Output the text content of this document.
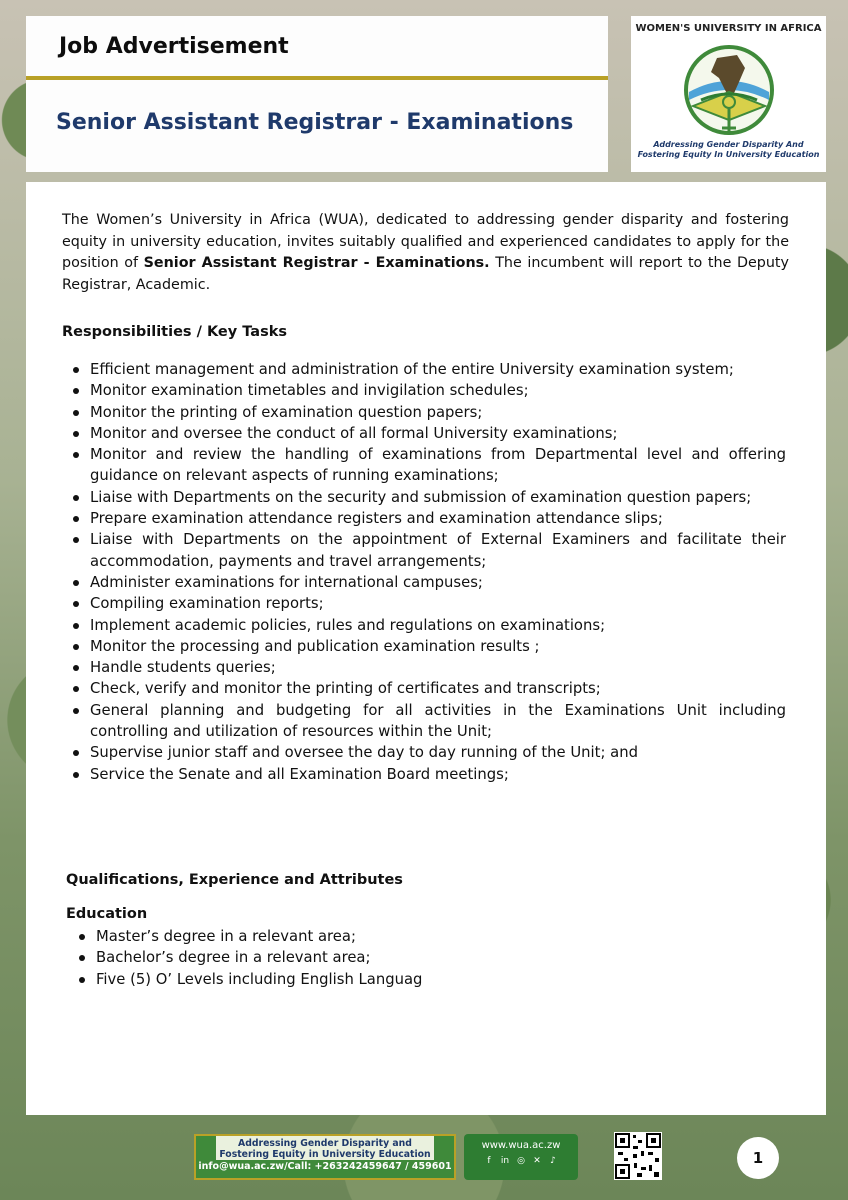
Job Advertisement
Senior Assistant Registrar - Examinations
WOMEN'S UNIVERSITY IN AFRICA
Addressing Gender Disparity And Fostering Equity In University Education

The Women’s University in Africa (WUA), dedicated to addressing gender disparity and fostering equity in university education, invites suitably qualified and experienced candidates to apply for the position of Senior Assistant Registrar - Examinations. The incumbent will report to the Deputy Registrar, Academic.

Responsibilities / Key Tasks
Efficient management and administration of the entire University examination system;
Monitor examination timetables and invigilation schedules;
Monitor the printing of examination question papers;
Monitor and oversee the conduct of all formal University examinations;
Monitor and review the handling of examinations from Departmental level and offering guidance on relevant aspects of running examinations;
Liaise with Departments on the security and submission of examination question papers;
Prepare examination attendance registers and examination attendance slips;
Liaise with Departments on the appointment of External Examiners and facilitate their accommodation, payments and travel arrangements;
Administer examinations for international campuses;
Compiling examination reports;
Implement academic policies, rules and regulations on examinations;
Monitor the processing and publication examination results ;
Handle students queries;
Check, verify and monitor the printing of certificates and transcripts;
General planning and budgeting for all activities in the Examinations Unit including controlling and utilization of resources within the Unit;
Supervise junior staff and oversee the day to day running of the Unit; and
Service the Senate and all Examination Board meetings;
Qualifications, Experience and Attributes
Education
Master’s degree in a relevant area;
Bachelor’s degree in a relevant area;
Five (5) O’ Levels including English Languag
Addressing Gender Disparity and Fostering Equity in University Education
info@wua.ac.zw/Call: +263242459647 / 459601
www.wua.ac.zw
f	in ◎ ✕	♪	1
